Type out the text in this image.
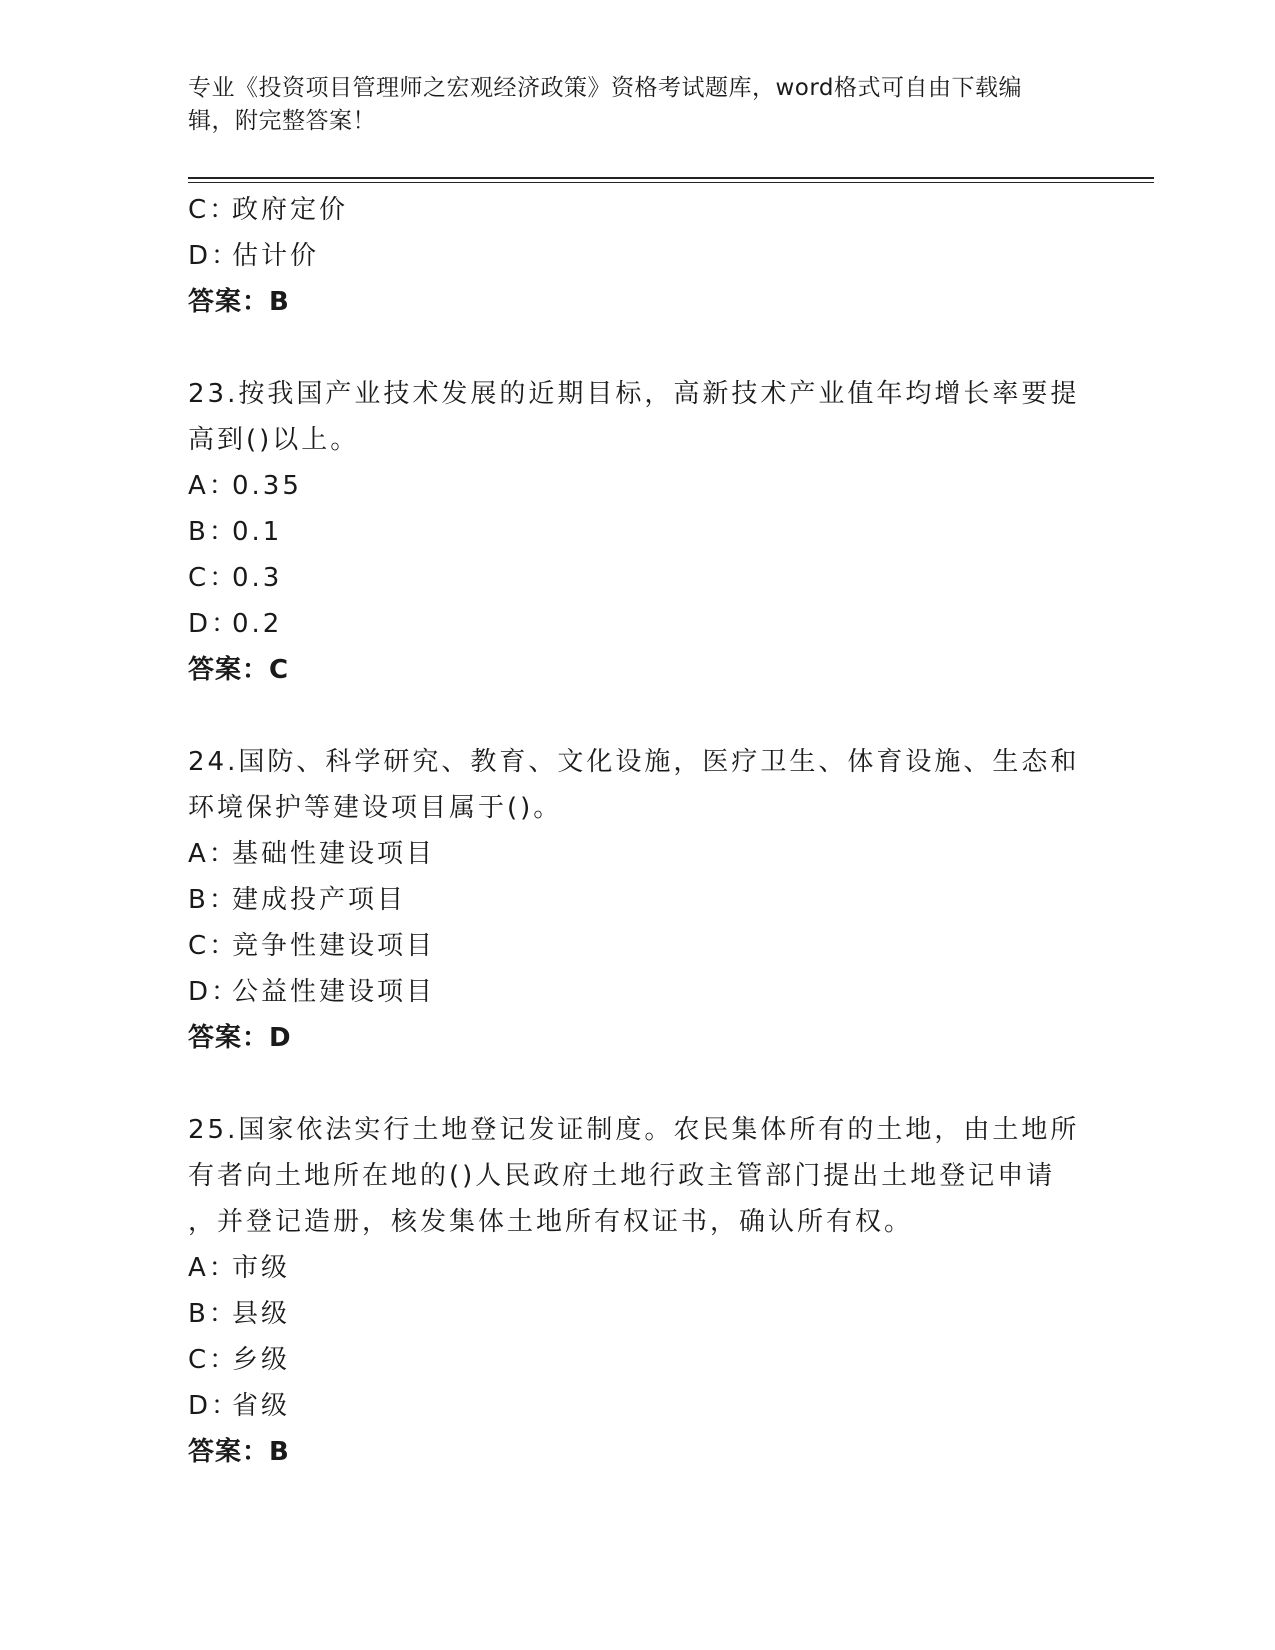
专业《投资项目管理师之宏观经济政策》资格考试题库，word格式可自由下载编辑，附完整答案！
C：政府定价
D：估计价
答案：B
23.按我国产业技术发展的近期目标，高新技术产业值年均增长率要提
高到()以上。
A：0.35
B：0.1
C：0.3
D：0.2
答案：C
24.国防、科学研究、教育、文化设施，医疗卫生、体育设施、生态和
环境保护等建设项目属于()。
A：基础性建设项目
B：建成投产项目
C：竞争性建设项目
D：公益性建设项目
答案：D
25.国家依法实行土地登记发证制度。农民集体所有的土地，由土地所
有者向土地所在地的()人民政府土地行政主管部门提出土地登记申请
，并登记造册，核发集体土地所有权证书，确认所有权。
A：市级
B：县级
C：乡级
D：省级
答案：B
